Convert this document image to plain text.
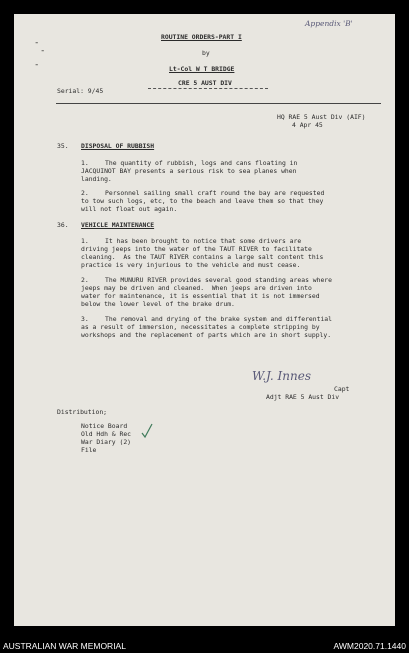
-
-
-
Appendix 'B'
ROUTINE ORDERS-PART I
by
Lt-Col W T BRIDGE
CRE 5 AUST DIV
Serial: 9/45
HQ RAE 5 Aust Div (AIF)
4 Apr 45
35. DISPOSAL OF RUBBISH
1.	The quantity of rubbish, logs and cans floating in
JACQUINOT BAY presents a serious risk to sea planes when
landing.
2.	Personnel sailing small craft round the bay are requested
to tow such logs, etc, to the beach and leave them so that they
will not float out again.
36. VEHICLE MAINTENANCE
1.	It has been brought to notice that some drivers are
driving jeeps into the water of the TAUT RIVER to facilitate
cleaning.  As the TAUT RIVER contains a large salt content this
practice is very injurious to the vehicle and must cease.
2.	The MUNURU RIVER provides several good standing areas where
jeeps may be driven and cleaned.  When jeeps are driven into
water for maintenance, it is essential that it is not immersed
below the lower level of the brake drum.
3.	The removal and drying of the brake system and differential
as a result of immersion, necessitates a complete stripping by
workshops and the replacement of parts which are in short supply.
W.J. Innes
Capt
Adjt RAE 5 Aust Div
Distribution;
Notice Board
Old Hdh & Rec
War Diary (2)
File
AUSTRALIAN WAR MEMORIAL	AWM2020.71.1440
